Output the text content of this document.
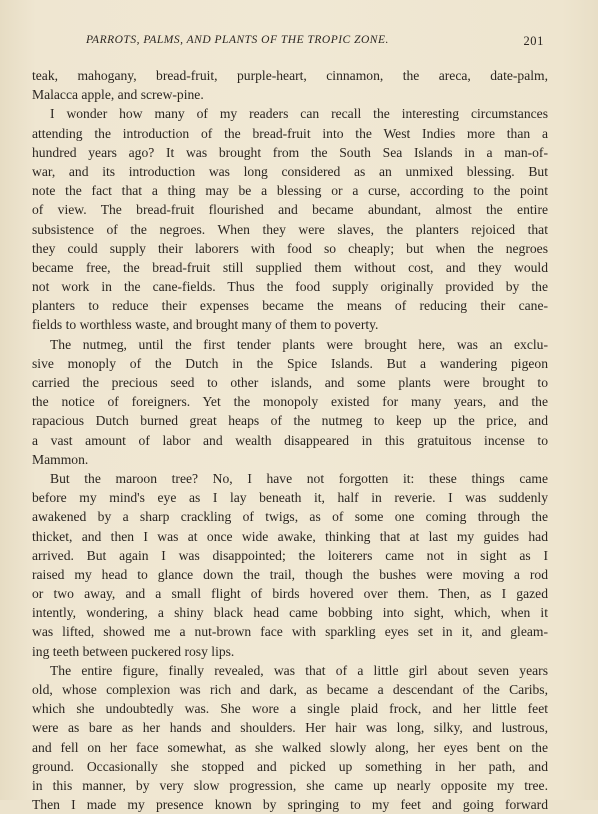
PARROTS, PALMS, AND PLANTS OF THE TROPIC ZONE.	201
teak, mahogany, bread-fruit, purple-heart, cinnamon, the areca, date-palm,
Malacca apple, and screw-pine.
I wonder how many of my readers can recall the interesting circumstances
attending the introduction of the bread-fruit into the West Indies more than a
hundred years ago? It was brought from the South Sea Islands in a man-of-
war, and its introduction was long considered as an unmixed blessing. But
note the fact that a thing may be a blessing or a curse, according to the point
of view. The bread-fruit flourished and became abundant, almost the entire
subsistence of the negroes. When they were slaves, the planters rejoiced that
they could supply their laborers with food so cheaply; but when the negroes
became free, the bread-fruit still supplied them without cost, and they would
not work in the cane-fields. Thus the food supply originally provided by the
planters to reduce their expenses became the means of reducing their cane-
fields to worthless waste, and brought many of them to poverty.
The nutmeg, until the first tender plants were brought here, was an exclu-
sive monoply of the Dutch in the Spice Islands. But a wandering pigeon
carried the precious seed to other islands, and some plants were brought to
the notice of foreigners. Yet the monopoly existed for many years, and the
rapacious Dutch burned great heaps of the nutmeg to keep up the price, and
a vast amount of labor and wealth disappeared in this gratuitous incense to
Mammon.
But the maroon tree? No, I have not forgotten it: these things came
before my mind's eye as I lay beneath it, half in reverie. I was suddenly
awakened by a sharp crackling of twigs, as of some one coming through the
thicket, and then I was at once wide awake, thinking that at last my guides had
arrived. But again I was disappointed; the loiterers came not in sight as I
raised my head to glance down the trail, though the bushes were moving a rod
or two away, and a small flight of birds hovered over them. Then, as I gazed
intently, wondering, a shiny black head came bobbing into sight, which, when it
was lifted, showed me a nut-brown face with sparkling eyes set in it, and gleam-
ing teeth between puckered rosy lips.
The entire figure, finally revealed, was that of a little girl about seven years
old, whose complexion was rich and dark, as became a descendant of the Caribs,
which she undoubtedly was. She wore a single plaid frock, and her little feet
were as bare as her hands and shoulders. Her hair was long, silky, and lustrous,
and fell on her face somewhat, as she walked slowly along, her eyes bent on the
ground. Occasionally she stopped and picked up something in her path, and
in this manner, by very slow progression, she came up nearly opposite my tree.
Then I made my presence known by springing to my feet and going forward
